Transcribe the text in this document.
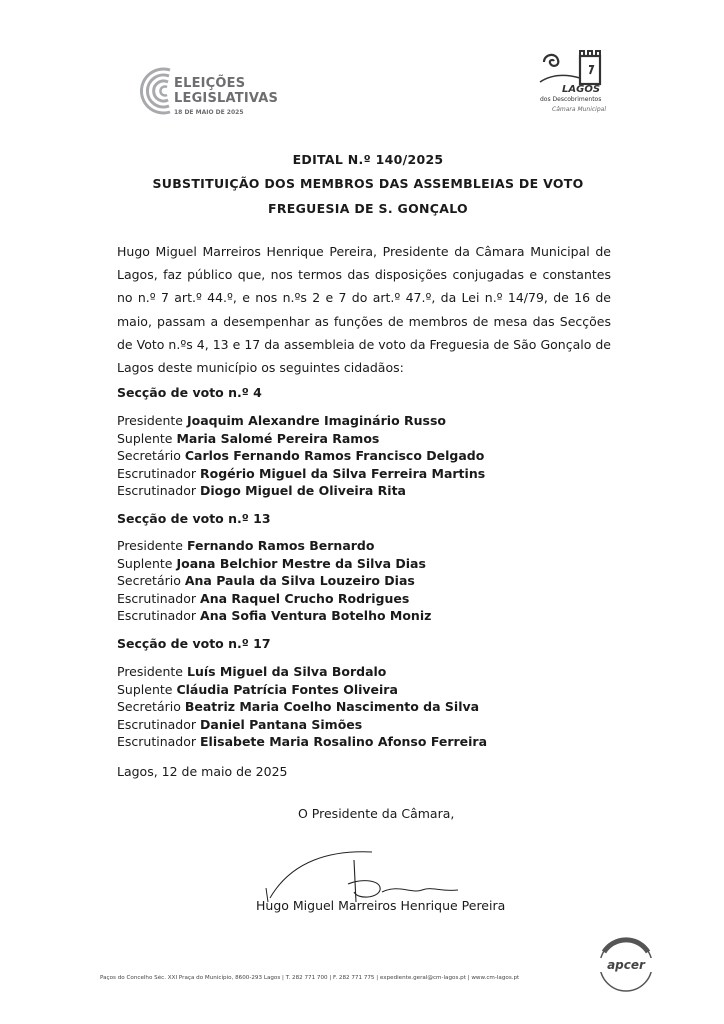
ELEIÇÕES
LEGISLATIVAS
18 DE MAIO DE 2025
LAGOS
dos Descobrimentos
Câmara Municipal
EDITAL N.º 140/2025
SUBSTITUIÇÃO DOS MEMBROS DAS ASSEMBLEIAS DE VOTO
FREGUESIA DE S. GONÇALO
Hugo Miguel Marreiros Henrique Pereira, Presidente da Câmara Municipal de Lagos, faz público que, nos termos das disposições conjugadas e constantes no n.º 7 art.º 44.º, e nos n.ºs 2 e 7 do art.º 47.º, da Lei n.º 14/79, de 16 de maio, passam a desempenhar as funções de membros de mesa das Secções de Voto n.ºs 4, 13 e 17 da assembleia de voto da Freguesia de São Gonçalo de Lagos deste município os seguintes cidadãos:
Secção de voto n.º 4
Presidente Joaquim Alexandre Imaginário Russo
Suplente Maria Salomé Pereira Ramos
Secretário Carlos Fernando Ramos Francisco Delgado
Escrutinador Rogério Miguel da Silva Ferreira Martins
Escrutinador Diogo Miguel de Oliveira Rita
Secção de voto n.º 13
Presidente Fernando Ramos Bernardo
Suplente Joana Belchior Mestre da Silva Dias
Secretário Ana Paula da Silva Louzeiro Dias
Escrutinador Ana Raquel Crucho Rodrigues
Escrutinador Ana Sofia Ventura Botelho Moniz
Secção de voto n.º 17
Presidente Luís Miguel da Silva Bordalo
Suplente Cláudia Patrícia Fontes Oliveira
Secretário Beatriz Maria Coelho Nascimento da Silva
Escrutinador Daniel Pantana Simões
Escrutinador Elisabete Maria Rosalino Afonso Ferreira
Lagos, 12 de maio de 2025
O Presidente da Câmara,
Hugo Miguel Marreiros Henrique Pereira
Paços do Concelho Séc. XXI Praça do Município, 8600-293 Lagos | T. 282 771 700 | F. 282 771 775 | expediente.geral@cm-lagos.pt | www.cm-lagos.pt
apcer
